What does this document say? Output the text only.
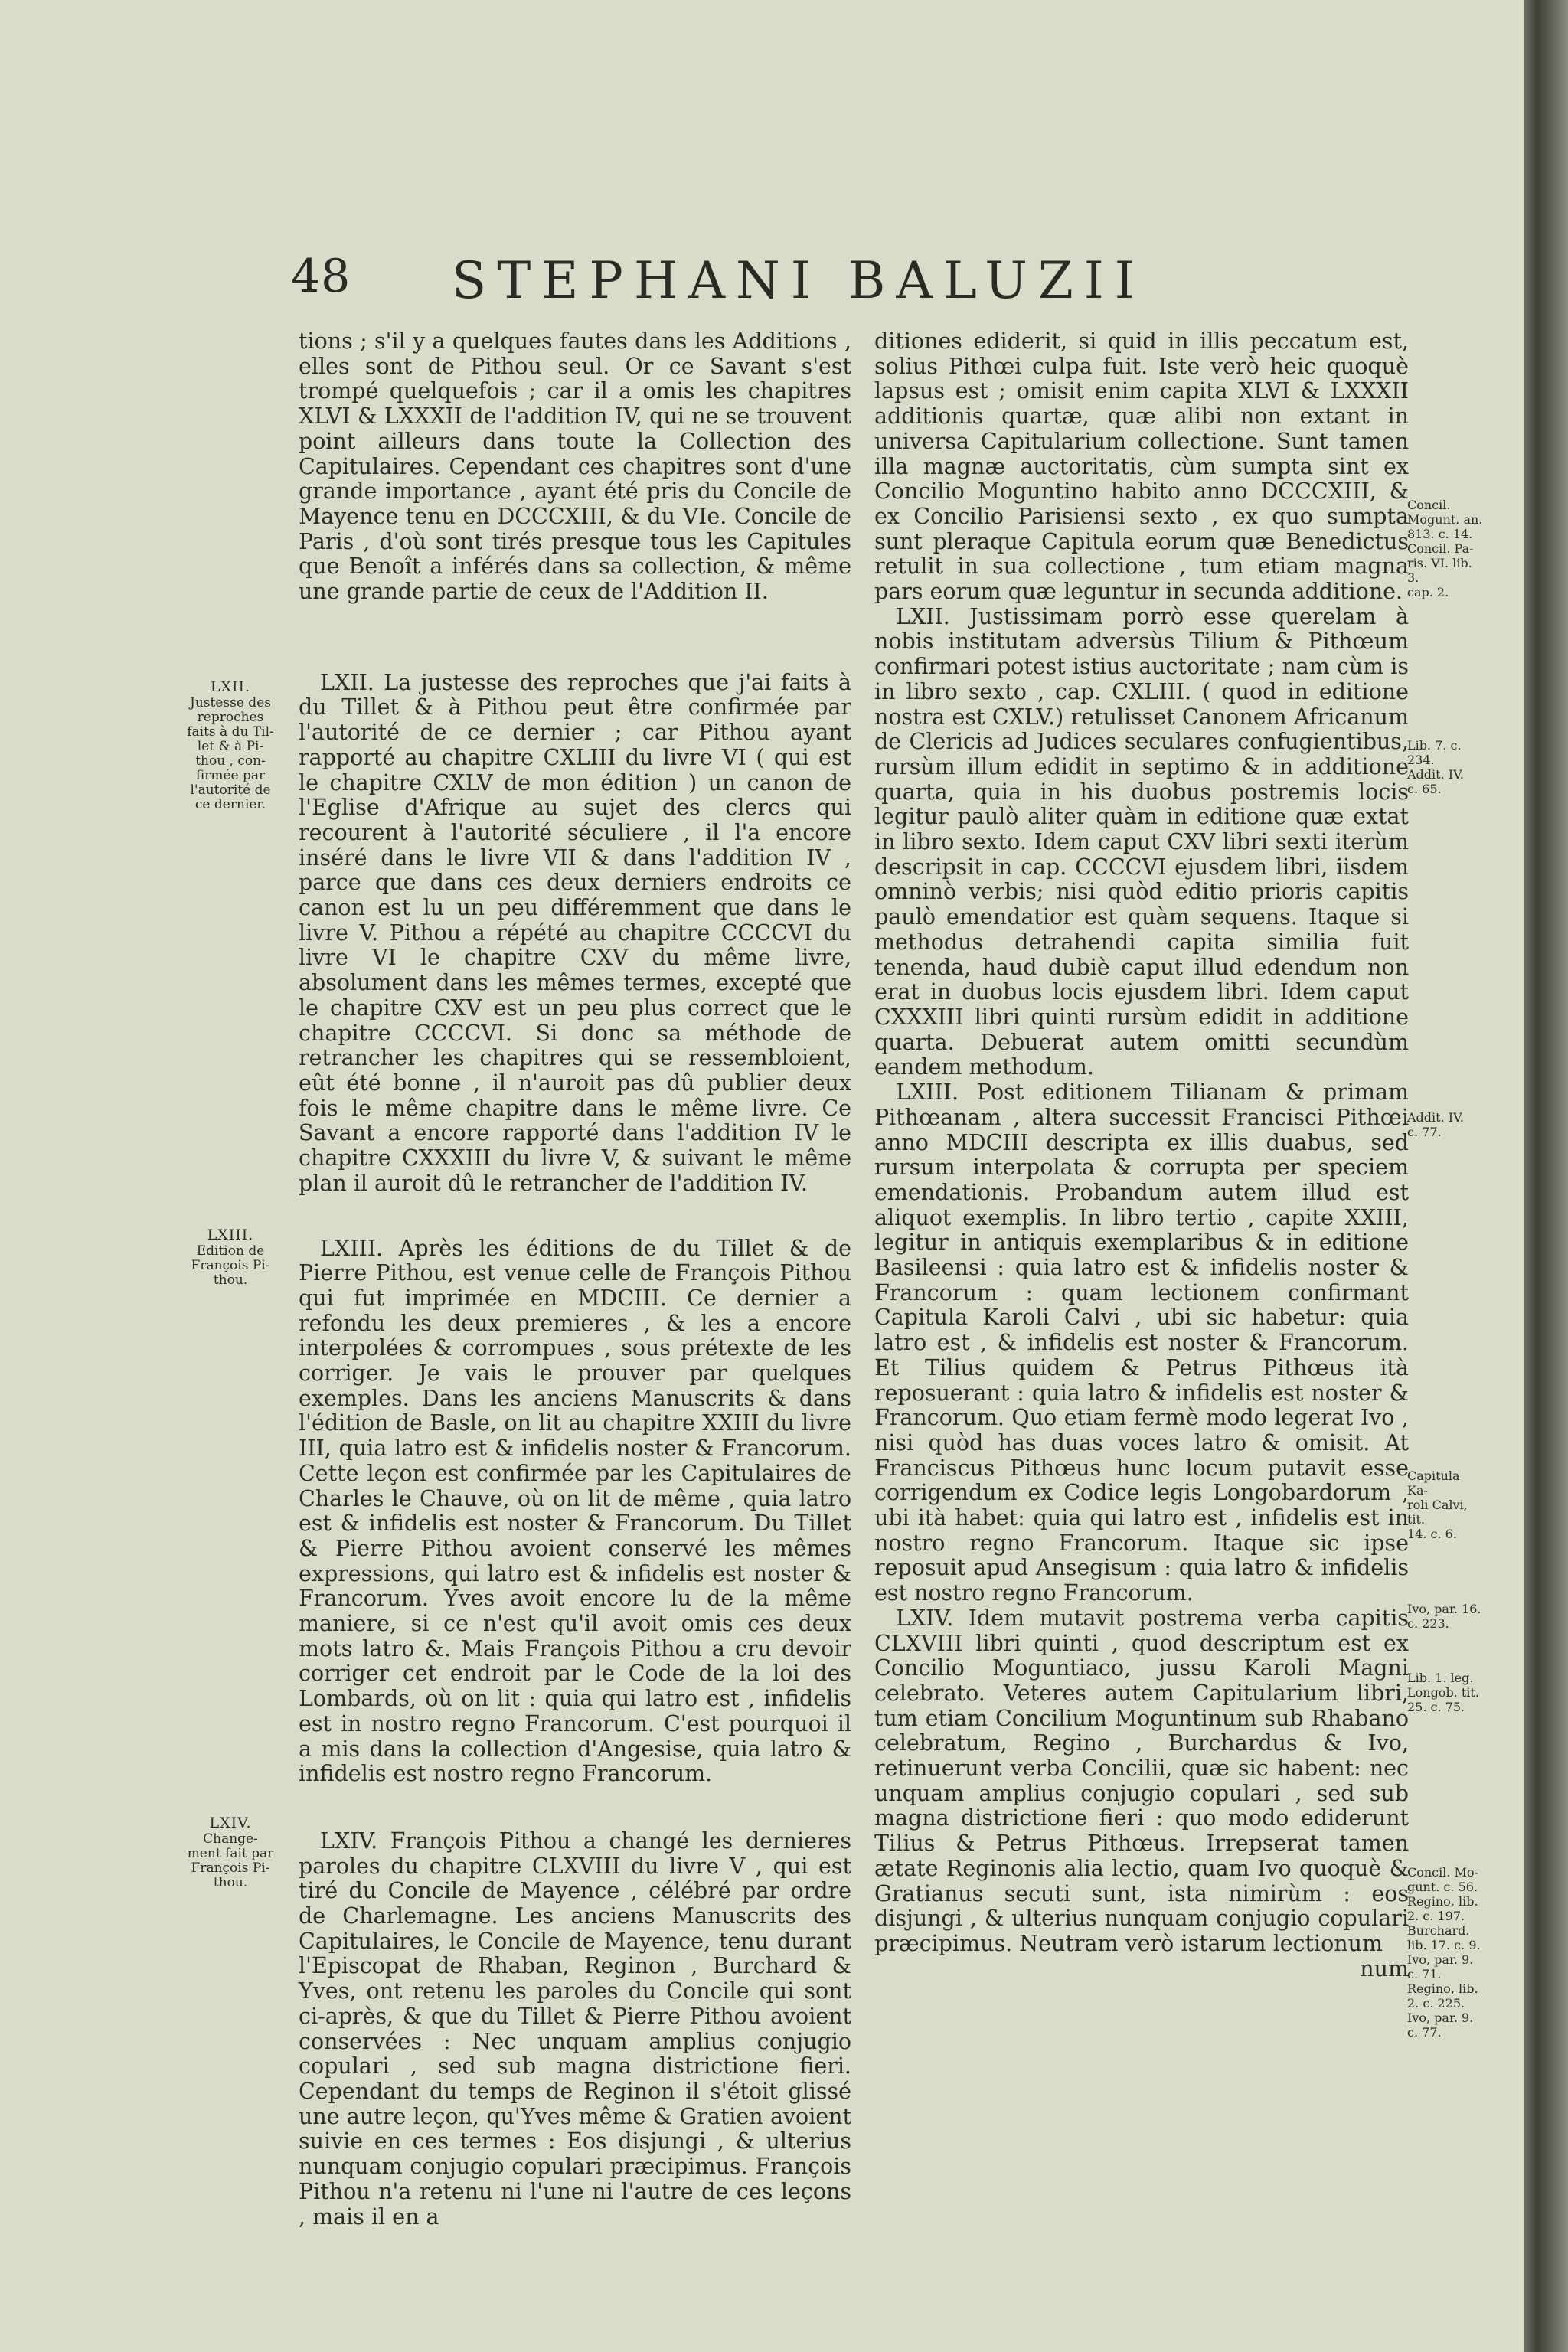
48 STEPHANI BALUZII

tions ; s'il y a quelques fautes dans les Additions , elles sont de Pithou seul. Or ce Savant s'est trompé quelquefois ; car il a omis les chapitres XLVI & LXXXII de l'addition IV, qui ne se trouvent point ailleurs dans toute la Collection des Capitulaires. Cependant ces chapitres sont d'une grande importance , ayant été pris du Concile de Mayence tenu en DCCCXIII, & du VIe. Concile de Paris , d'où sont tirés presque tous les Capitules que Benoît a inférés dans sa collection, & même une grande partie de ceux de l'Addition II.

LXII. La justesse des reproches que j'ai faits à du Tillet & à Pithou peut être confirmée par l'autorité de ce dernier ; car Pithou ayant rapporté au chapitre CXLIII du livre VI ( qui est le chapitre CXLV de mon édition ) un canon de l'Eglise d'Afrique au sujet des clercs qui recourent à l'autorité séculiere , il l'a encore inséré dans le livre VII & dans l'addition IV , parce que dans ces deux derniers endroits ce canon est lu un peu différemment que dans le livre V. Pithou a répété au chapitre CCCCVI du livre VI le chapitre CXV du même livre, absolument dans les mêmes termes, excepté que le chapitre CXV est un peu plus correct que le chapitre CCCCVI. Si donc sa méthode de retrancher les chapitres qui se ressembloient, eût été bonne , il n'auroit pas dû publier deux fois le même chapitre dans le même livre. Ce Savant a encore rapporté dans l'addition IV le chapitre CXXXIII du livre V, & suivant le même plan il auroit dû le retrancher de l'addition IV.

LXIII. Après les éditions de du Tillet & de Pierre Pithou, est venue celle de François Pithou qui fut imprimée en MDCIII. Ce dernier a refondu les deux premieres , & les a encore interpolées & corrompues , sous prétexte de les corriger. Je vais le prouver par quelques exemples. Dans les anciens Manuscrits & dans l'édition de Basle, on lit au chapitre XXIII du livre III, quia latro est & infidelis noster & Francorum. Cette leçon est confirmée par les Capitulaires de Charles le Chauve, où on lit de même , quia latro est & infidelis est noster & Francorum. Du Tillet & Pierre Pithou avoient conservé les mêmes expressions, qui latro est & infidelis est noster & Francorum. Yves avoit encore lu de la même maniere, si ce n'est qu'il avoit omis ces deux mots latro &. Mais François Pithou a cru devoir corriger cet endroit par le Code de la loi des Lombards, où on lit : quia qui latro est , infidelis est in nostro regno Francorum. C'est pourquoi il a mis dans la collection d'Angesise, quia latro & infidelis est nostro regno Francorum.

LXIV. François Pithou a changé les dernieres paroles du chapitre CLXVIII du livre V , qui est tiré du Concile de Mayence , célébré par ordre de Charlemagne. Les anciens Manuscrits des Capitulaires, le Concile de Mayence, tenu durant l'Episcopat de Rhaban, Reginon , Burchard & Yves, ont retenu les paroles du Concile qui sont ci-après, & que du Tillet & Pierre Pithou avoient conservées : Nec unquam amplius conjugio copulari , sed sub magna districtione fieri. Cependant du temps de Reginon il s'étoit glissé une autre leçon, qu'Yves même & Gratien avoient suivie en ces termes : Eos disjungi , & ulterius nunquam conjugio copulari præcipimus. François Pithou n'a retenu ni l'une ni l'autre de ces leçons , mais il en a

ditiones ediderit, si quid in illis peccatum est, solius Pithœi culpa fuit. Iste verò heic quoquè lapsus est ; omisit enim capita XLVI & LXXXII additionis quartæ, quæ alibi non extant in universa Capitularium collectione. Sunt tamen illa magnæ auctoritatis, cùm sumpta sint ex Concilio Moguntino habito anno DCCCXIII, & ex Concilio Parisiensi sexto , ex quo sumpta sunt pleraque Capitula eorum quæ Benedictus retulit in sua collectione , tum etiam magna pars eorum quæ leguntur in secunda additione.

LXII. Justissimam porrò esse querelam à nobis institutam adversùs Tilium & Pithœum confirmari potest istius auctoritate ; nam cùm is in libro sexto , cap. CXLIII. ( quod in editione nostra est CXLV.) retulisset Canonem Africanum de Clericis ad Judices seculares confugientibus, rursùm illum edidit in septimo & in additione quarta, quia in his duobus postremis locis legitur paulò aliter quàm in editione quæ extat in libro sexto. Idem caput CXV libri sexti iterùm descripsit in cap. CCCCVI ejusdem libri, iisdem omninò verbis; nisi quòd editio prioris capitis paulò emendatior est quàm sequens. Itaque si methodus detrahendi capita similia fuit tenenda, haud dubiè caput illud edendum non erat in duobus locis ejusdem libri. Idem caput CXXXIII libri quinti rursùm edidit in additione quarta. Debuerat autem omitti secundùm eandem methodum.

LXIII. Post editionem Tilianam & primam Pithœanam , altera successit Francisci Pithœi anno MDCIII descripta ex illis duabus, sed rursum interpolata & corrupta per speciem emendationis. Probandum autem illud est aliquot exemplis. In libro tertio , capite XXIII, legitur in antiquis exemplaribus & in editione Basileensi : quia latro est & infidelis noster & Francorum : quam lectionem confirmant Capitula Karoli Calvi , ubi sic habetur: quia latro est , & infidelis est noster & Francorum. Et Tilius quidem & Petrus Pithœus ità reposuerant : quia latro & infidelis est noster & Francorum. Quo etiam fermè modo legerat Ivo , nisi quòd has duas voces latro & omisit. At Franciscus Pithœus hunc locum putavit esse corrigendum ex Codice legis Longobardorum , ubi ità habet: quia qui latro est , infidelis est in nostro regno Francorum. Itaque sic ipse reposuit apud Ansegisum : quia latro & infidelis est nostro regno Francorum.

LXIV. Idem mutavit postrema verba capitis CLXVIII libri quinti , quod descriptum est ex Concilio Moguntiaco, jussu Karoli Magni celebrato. Veteres autem Capitularium libri, tum etiam Concilium Moguntinum sub Rhabano celebratum, Regino , Burchardus & Ivo, retinuerunt verba Concilii, quæ sic habent: nec unquam amplius conjugio copulari , sed sub magna districtione fieri : quo modo ediderunt Tilius & Petrus Pithœus. Irrepserat tamen ætate Reginonis alia lectio, quam Ivo quoquè & Gratianus secuti sunt, ista nimirùm : eos disjungi , & ulterius nunquam conjugio copulari præcipimus. Neutram verò istarum lectionum

num
LXII.
Justesse des
reproches
faits à du Til-
let & à Pi-
thou , con-
firmée par
l'autorité de
ce dernier.
LXIII.
Edition de
François Pi-
thou.
LXIV.
Change-
ment fait par
François Pi-
thou.
Concil.
Mogunt. an.
813. c. 14.
Concil. Pa-
ris. VI. lib. 3.
cap. 2.
Lib. 7. c.
234.
Addit. IV.
c. 65.
Addit. IV.
c. 77.
Capitula Ka-
roli Calvi, tit.
14. c. 6.
Ivo, par. 16.
c. 223.
Lib. 1. leg.
Longob. tit.
25. c. 75.
Concil. Mo-
gunt. c. 56.
Regino, lib.
2. c. 197.
Burchard.
lib. 17. c. 9.
Ivo, par. 9.
c. 71.
Regino, lib.
2. c. 225.
Ivo, par. 9.
c. 77.
